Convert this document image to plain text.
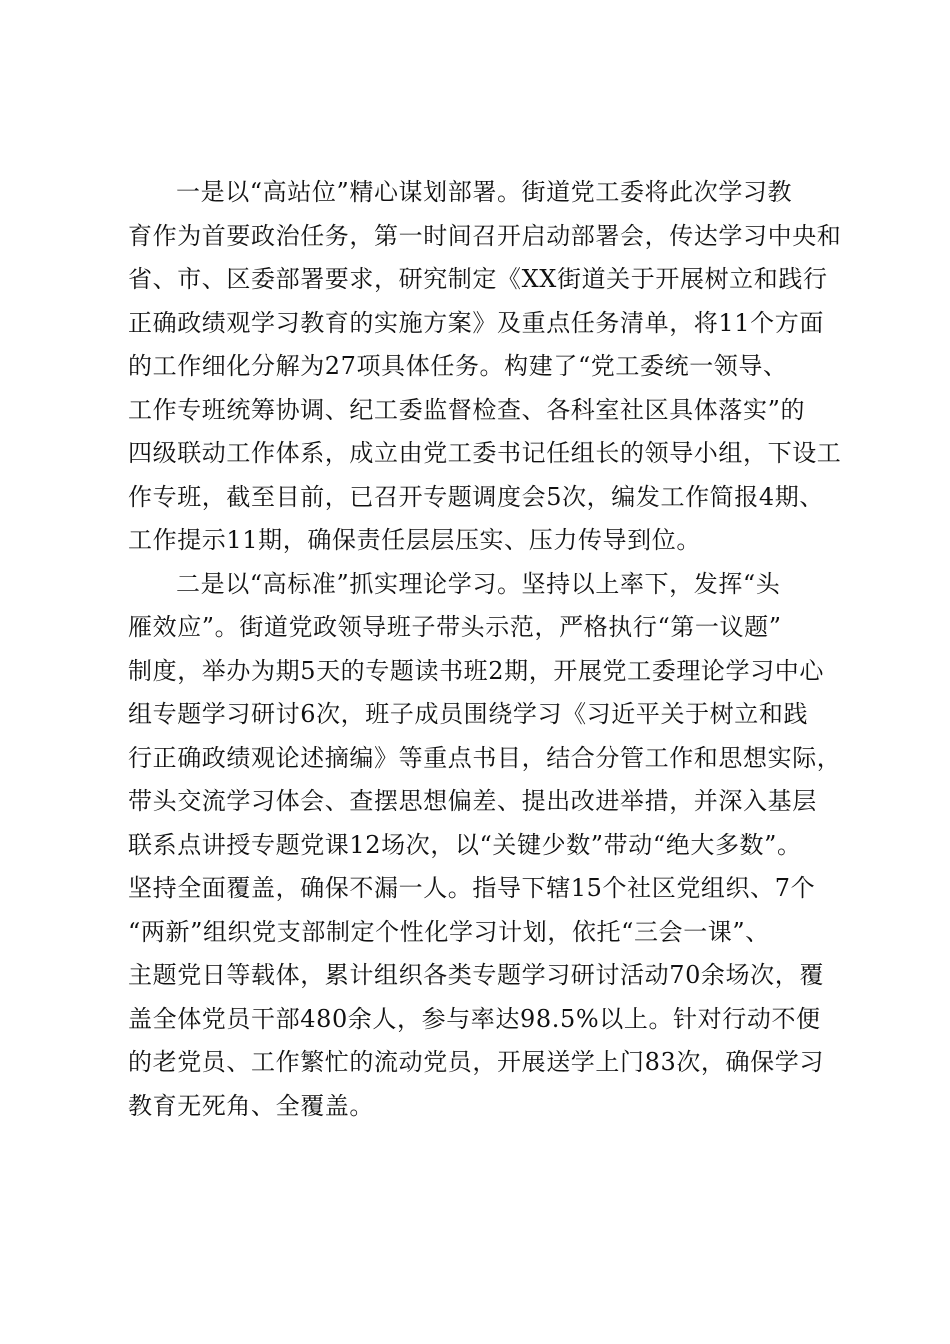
一是以“高站位”精心谋划部署。街道党工委将此次学习教
育作为首要政治任务，第一时间召开启动部署会，传达学习中央和
省、市、区委部署要求，研究制定《XX街道关于开展树立和践行
正确政绩观学习教育的实施方案》及重点任务清单，将11个方面
的工作细化分解为27项具体任务。构建了“党工委统一领导、
工作专班统筹协调、纪工委监督检查、各科室社区具体落实”的
四级联动工作体系，成立由党工委书记任组长的领导小组，下设工
作专班，截至目前，已召开专题调度会5次，编发工作简报4期、
工作提示11期，确保责任层层压实、压力传导到位。
二是以“高标准”抓实理论学习。坚持以上率下，发挥“头
雁效应”。街道党政领导班子带头示范，严格执行“第一议题”
制度，举办为期5天的专题读书班2期，开展党工委理论学习中心
组专题学习研讨6次，班子成员围绕学习《习近平关于树立和践
行正确政绩观论述摘编》等重点书目，结合分管工作和思想实际，
带头交流学习体会、查摆思想偏差、提出改进举措，并深入基层
联系点讲授专题党课12场次，以“关键少数”带动“绝大多数”。
坚持全面覆盖，确保不漏一人。指导下辖15个社区党组织、7个
“两新”组织党支部制定个性化学习计划，依托“三会一课”、
主题党日等载体，累计组织各类专题学习研讨活动70余场次，覆
盖全体党员干部480余人，参与率达98.5%以上。针对行动不便
的老党员、工作繁忙的流动党员，开展送学上门83次，确保学习
教育无死角、全覆盖。
